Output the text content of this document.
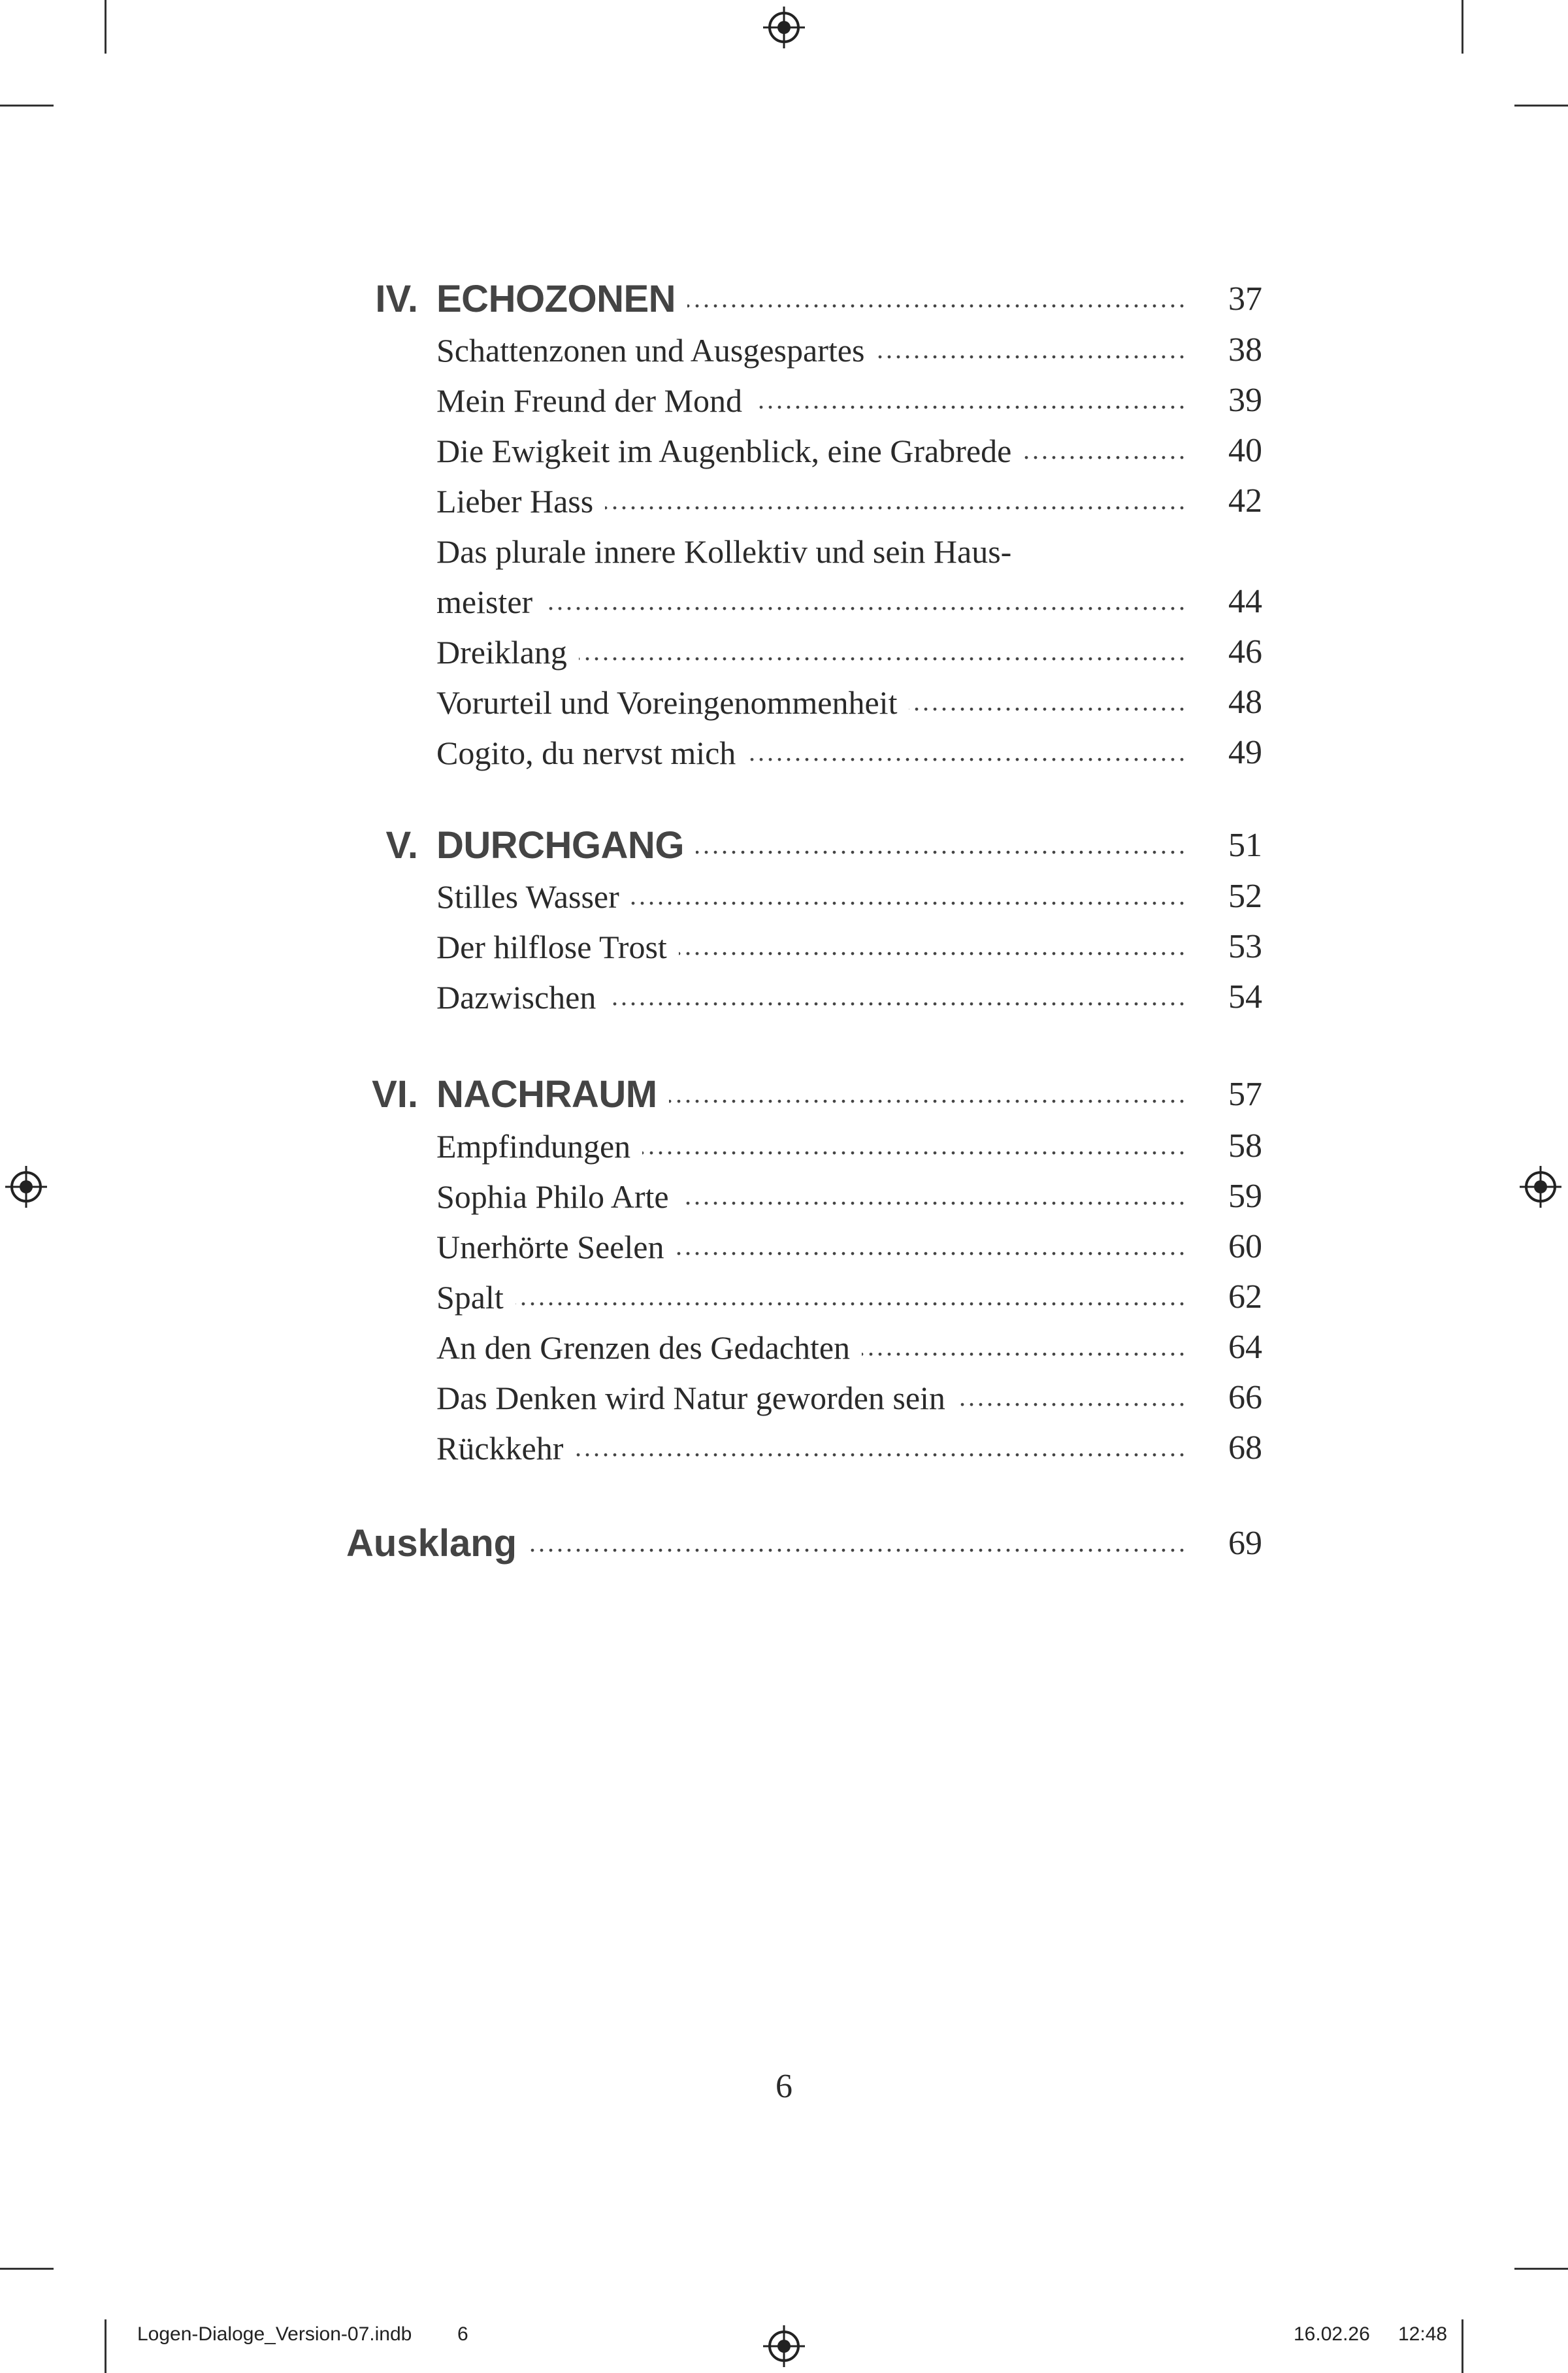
IV. ..... ECHOZONEN	37
.....
Schattenzonen und Ausgespartes	38
.....
Mein Freund der Mond	39
.....
Die Ewigkeit im Augenblick, eine Grabrede	40
.....
Lieber Hass	42
Das plurale innere Kollektiv und sein Haus-
.....
meister	44
.....
Dreiklang	46
.....
Vorurteil und Voreingenommenheit	48
.....
Cogito, du nervst mich	49
V. ..... DURCHGANG	51
.....
Stilles Wasser	52
.....
Der hilflose Trost	53
.....
Dazwischen	54
VI. ..... NACHRAUM	57
.....
Empfindungen	58
.....
Sophia Philo Arte	59
.....
Unerhörte Seelen	60
.....
Spalt	62
.....
An den Grenzen des Gedachten	64
.....
Das Denken wird Natur geworden sein	66
.....
Rückkehr	68
.....
Ausklang	69
6
Logen-Dialoge_Version-07.indb 6	16.02.26 12:48
